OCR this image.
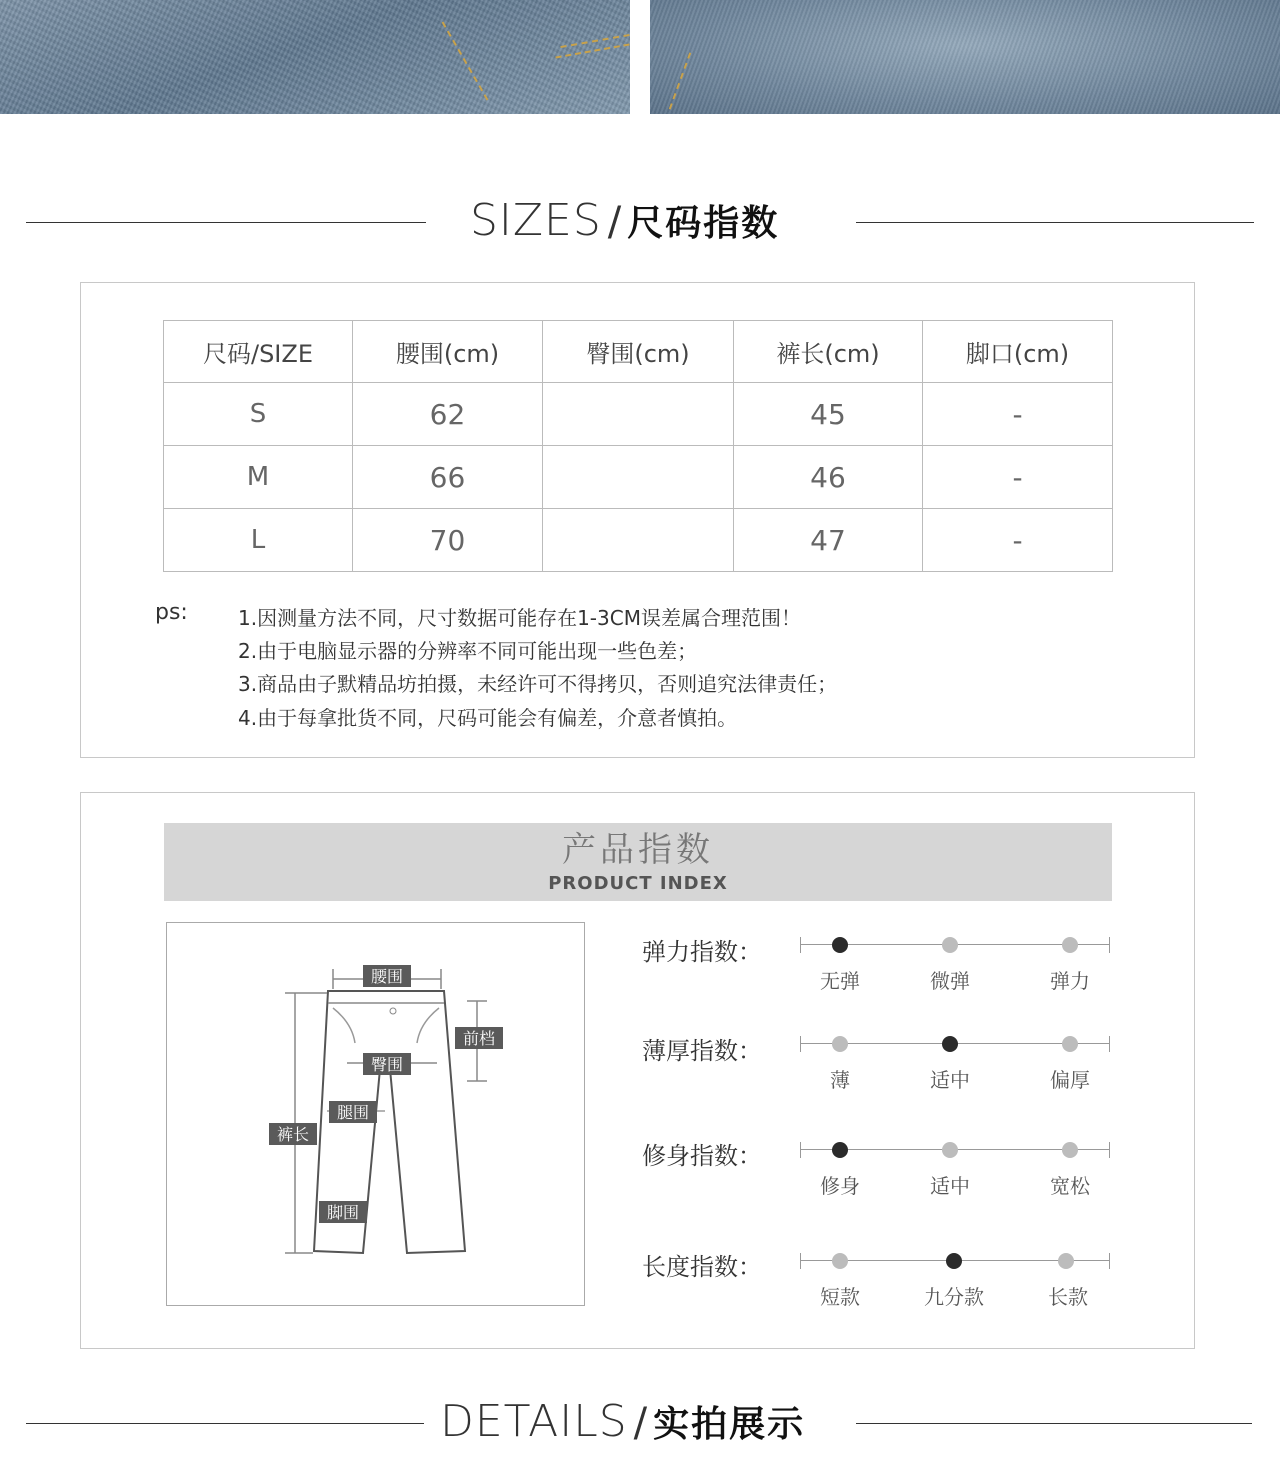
SIZES / 尺码指数
尺码/SIZE	腰围(cm)	臀围(cm)	裤长(cm)	脚口(cm)
S	62		45	-
M	66		46	-
L	70		47	-
ps:	1.因测量方法不同，尺寸数据可能存在1-3CM误差属合理范围！
2.由于电脑显示器的分辨率不同可能出现一些色差；
3.商品由子默精品坊拍摄，未经许可不得拷贝，否则追究法律责任；
4.由于每拿批货不同，尺码可能会有偏差，介意者慎拍。
产品指数
PRODUCT INDEX
腰围
前档
臀围
腿围
裤长
脚围
弹力指数：
无弹	微弹	弹力
薄厚指数：
薄	适中	偏厚
修身指数：
修身	适中	宽松
长度指数：
短款	九分款	长款
DETAILS / 实拍展示
